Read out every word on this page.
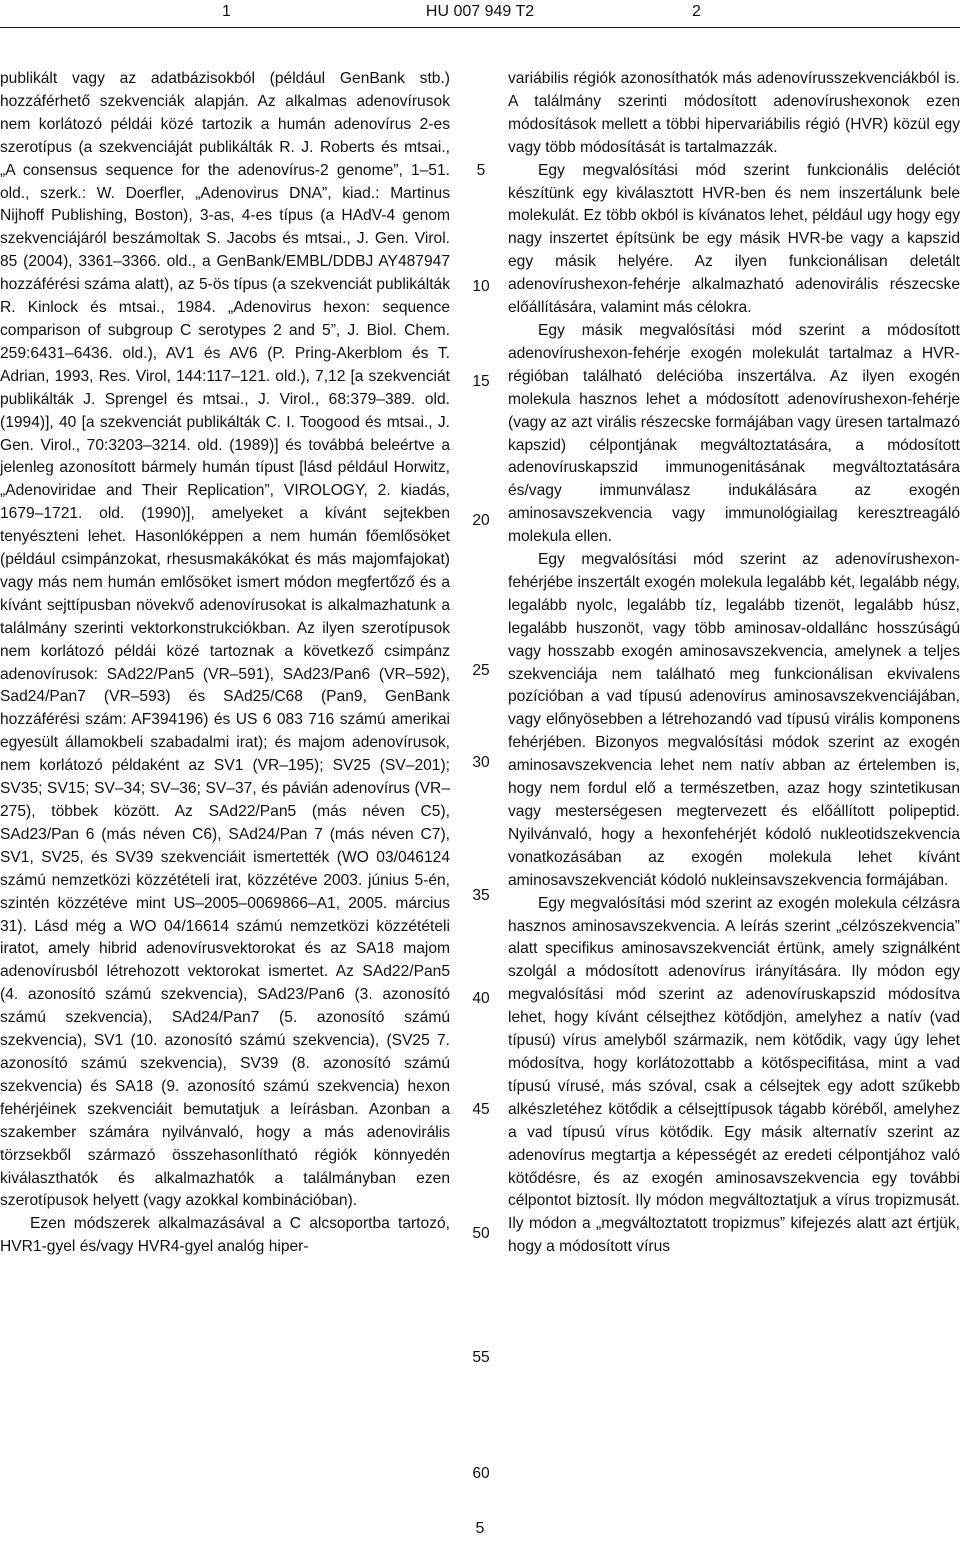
1	HU 007 949 T2	2

publikált vagy az adatbázisokból (például GenBank stb.) hozzáférhető szekvenciák alapján. Az alkalmas adenovírusok nem korlátozó példái közé tartozik a humán adenovírus 2-es szerotípus (a szekvenciáját publikálták R. J. Roberts és mtsai., „A consensus sequence for the adenovírus-2 genome”, 1–51. old., szerk.: W. Doerfler, „Adenovirus DNA”, kiad.: Martinus Nijhoff Publishing, Boston), 3-as, 4-es típus (a HAdV-4 genom szekvenciájáról beszámoltak S. Jacobs és mtsai., J. Gen. Virol. 85 (2004), 3361–3366. old., a GenBank/EMBL/DDBJ AY487947 hozzáférési száma alatt), az 5-ös típus (a szekvenciát publikálták R. Kinlock és mtsai., 1984. „Adenovirus hexon: sequence comparison of subgroup C serotypes 2 and 5”, J. Biol. Chem. 259:6431–6436. old.), AV1 és AV6 (P. Pring-Akerblom és T. Adrian, 1993, Res. Virol, 144:117–121. old.), 7,12 [a szekvenciát publikálták J. Sprengel és mtsai., J. Virol., 68:379–389. old. (1994)], 40 [a szekvenciát publikálták C. I. Toogood és mtsai., J. Gen. Virol., 70:3203–3214. old. (1989)] és továbbá beleértve a jelenleg azonosított bármely humán típust [lásd például Horwitz, „Adenoviridae and Their Replication”, VIROLOGY, 2. kiadás, 1679–1721. old. (1990)], amelyeket a kívánt sejtekben tenyészteni lehet. Hasonlóképpen a nem humán főemlősöket (például csimpánzokat, rhesusmakákókat és más majomfajokat) vagy más nem humán emlősöket ismert módon megfertőző és a kívánt sejttípusban növekvő adenovírusokat is alkalmazhatunk a találmány szerinti vektorkonstrukciókban. Az ilyen szerotípusok nem korlátozó példái közé tartoznak a következő csimpánz adenovírusok: SAd22/Pan5 (VR–591), SAd23/Pan6 (VR–592), Sad24/Pan7 (VR–593) és SAd25/C68 (Pan9, GenBank hozzáférési szám: AF394196) és US 6 083 716 számú amerikai egyesült államokbeli szabadalmi irat); és majom adenovírusok, nem korlátozó példaként az SV1 (VR–195); SV25 (SV–201); SV35; SV15; SV–34; SV–36; SV–37, és pávián adenovírus (VR–275), többek között. Az SAd22/Pan5 (más néven C5), SAd23/Pan 6 (más néven C6), SAd24/Pan 7 (más néven C7), SV1, SV25, és SV39 szekvenciáit ismertették (WO 03/046124 számú nemzetközi közzétételi irat, közzétéve 2003. június 5-én, szintén közzétéve mint US–2005–0069866–A1, 2005. március 31). Lásd még a WO 04/16614 számú nemzetközi közzétételi iratot, amely hibrid adenovírusvektorokat és az SA18 majom adenovírusból létrehozott vektorokat ismertet. Az SAd22/Pan5 (4. azonosító számú szekvencia), SAd23/Pan6 (3. azonosító számú szekvencia), SAd24/Pan7 (5. azonosító számú szekvencia), SV1 (10. azonosító számú szekvencia), (SV25 7. azonosító számú szekvencia), SV39 (8. azonosító számú szekvencia) és SA18 (9. azonosító számú szekvencia) hexon fehérjéinek szekvenciáit bemutatjuk a leírásban. Azonban a szakember számára nyilvánvaló, hogy a más adenovirális törzsekből származó összehasonlítható régiók könnyedén kiválaszthatók és alkalmazhatók a találmányban ezen szerotípusok helyett (vagy azokkal kombinációban).

Ezen módszerek alkalmazásával a C alcsoportba tartozó, HVR1-gyel és/vagy HVR4-gyel analóg hiper-

5
10
15
20
25
30
35
40
45
50
55
60

variábilis régiók azonosíthatók más adenovírusszekvenciákból is. A találmány szerinti módosított adenovírushexonok ezen módosítások mellett a többi hipervariábilis régió (HVR) közül egy vagy több módosítását is tartalmazzák.

Egy megvalósítási mód szerint funkcionális deléciót készítünk egy kiválasztott HVR-ben és nem inszertálunk bele molekulát. Ez több okból is kívánatos lehet, például ugy hogy egy nagy inszertet építsünk be egy másik HVR-be vagy a kapszid egy másik helyére. Az ilyen funkcionálisan deletált adenovírushexon-fehérje alkalmazható adenovirális részecske előállítására, valamint más célokra.

Egy másik megvalósítási mód szerint a módosított adenovírushexon-fehérje exogén molekulát tartalmaz a HVR-régióban található delécióba inszertálva. Az ilyen exogén molekula hasznos lehet a módosított adenovírushexon-fehérje (vagy az azt virális részecske formájában vagy üresen tartalmazó kapszid) célpontjának megváltoztatására, a módosított adenovíruskapszid immunogenitásának megváltoztatására és/vagy immunválasz indukálására az exogén aminosavszekvencia vagy immunológiailag keresztreagáló molekula ellen.

Egy megvalósítási mód szerint az adenovírushexon-fehérjébe inszertált exogén molekula legalább két, legalább négy, legalább nyolc, legalább tíz, legalább tizenöt, legalább húsz, legalább huszonöt, vagy több aminosav-oldallánc hosszúságú vagy hosszabb exogén aminosavszekvencia, amelynek a teljes szekvenciája nem található meg funkcionálisan ekvivalens pozícióban a vad típusú adenovírus aminosavszekvenciájában, vagy előnyösebben a létrehozandó vad típusú virális komponens fehérjében. Bizonyos megvalósítási módok szerint az exogén aminosavszekvencia lehet nem natív abban az értelemben is, hogy nem fordul elő a természetben, azaz hogy szintetikusan vagy mesterségesen megtervezett és előállított polipeptid. Nyilvánvaló, hogy a hexonfehérjét kódoló nukleotidszekvencia vonatkozásában az exogén molekula lehet kívánt aminosavszekvenciát kódoló nukleinsavszekvencia formájában.

Egy megvalósítási mód szerint az exogén molekula célzásra hasznos aminosavszekvencia. A leírás szerint „célzószekvencia” alatt specifikus aminosavszekvenciát értünk, amely szignálként szolgál a módosított adenovírus irányítására. Ily módon egy megvalósítási mód szerint az adenovíruskapszid módosítva lehet, hogy kívánt célsejthez kötődjön, amelyhez a natív (vad típusú) vírus amelyből származik, nem kötődik, vagy úgy lehet módosítva, hogy korlátozottabb a kötőspecifitása, mint a vad típusú vírusé, más szóval, csak a célsejtek egy adott szűkebb alkészletéhez kötődik a célsejttípusok tágabb köréből, amelyhez a vad típusú vírus kötődik. Egy másik alternatív szerint az adenovírus megtartja a képességét az eredeti célpontjához való kötődésre, és az exogén aminosavszekvencia egy további célpontot biztosít. Ily módon megváltoztatjuk a vírus tropizmusát. Ily módon a „megváltoztatott tropizmus” kifejezés alatt azt értjük, hogy a módosított vírus

5
